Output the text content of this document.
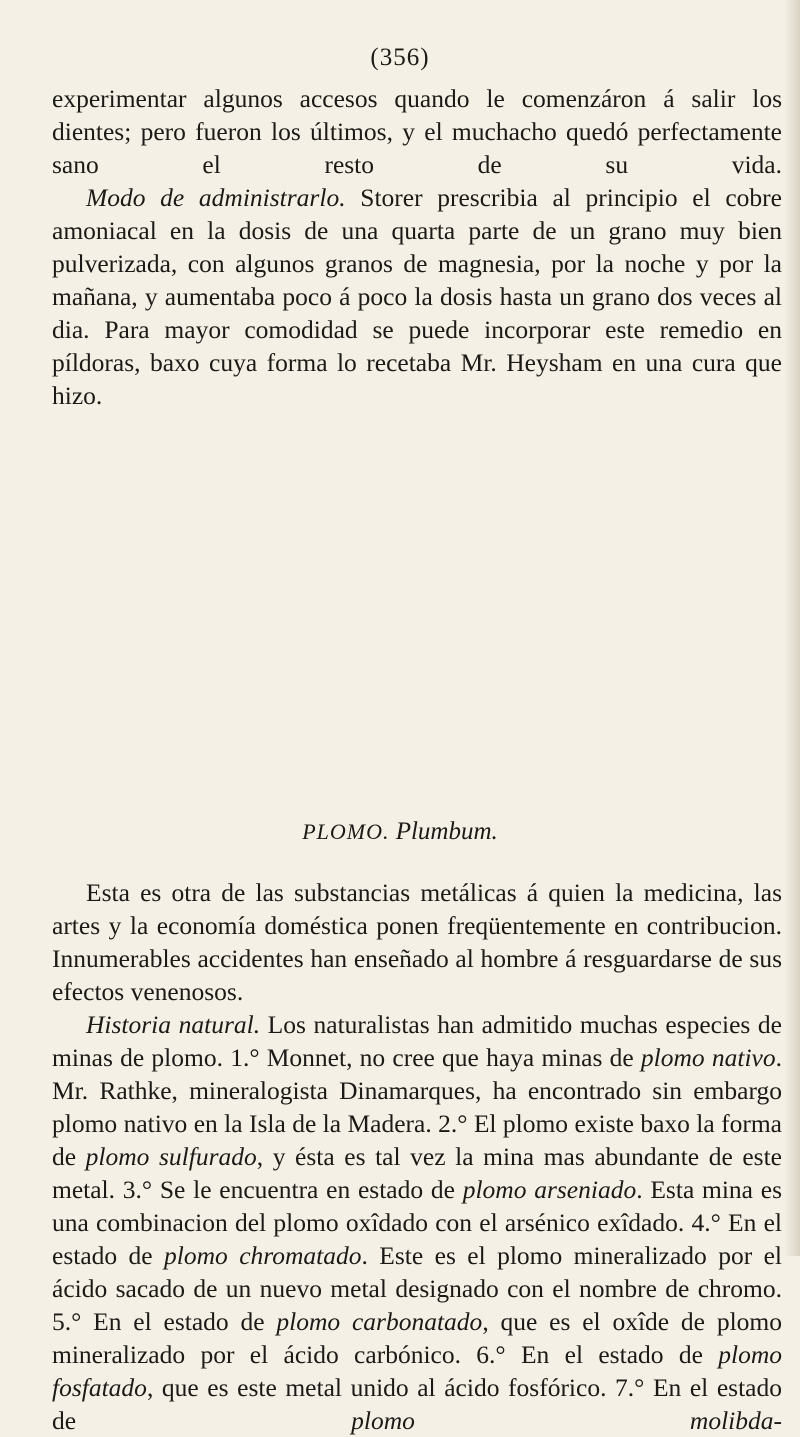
(356)

experimentar algunos accesos quando le comenzáron á salir los dientes; pero fueron los últimos, y el muchacho quedó perfectamente sano el resto de su vida.

Modo de administrarlo. Storer prescribia al principio el cobre amoniacal en la dosis de una quarta parte de un grano muy bien pulverizada, con algunos granos de magnesia, por la noche y por la mañana, y aumentaba poco á poco la dosis hasta un grano dos veces al dia. Para mayor comodidad se puede incorporar este remedio en píldoras, baxo cuya forma lo recetaba Mr. Heysham en una cura que hizo.

PLOMO. Plumbum.

Esta es otra de las substancias metálicas á quien la medicina, las artes y la economía doméstica ponen freqüentemente en contribucion. Innumerables accidentes han enseñado al hombre á resguardarse de sus efectos venenosos.

Historia natural. Los naturalistas han admitido muchas especies de minas de plomo. 1.° Monnet, no cree que haya minas de plomo nativo. Mr. Rathke, mineralogista Dinamarques, ha encontrado sin embargo plomo nativo en la Isla de la Madera. 2.° El plomo existe baxo la forma de plomo sulfurado, y ésta es tal vez la mina mas abundante de este metal. 3.° Se le encuentra en estado de plomo arseniado. Esta mina es una combinacion del plomo oxîdado con el arsénico exîdado. 4.° En el estado de plomo chromatado. Este es el plomo mineralizado por el ácido sacado de un nuevo metal designado con el nombre de chromo. 5.° En el estado de plomo carbonatado, que es el oxîde de plomo mineralizado por el ácido carbónico. 6.° En el estado de plomo fosfatado, que es este metal unido al ácido fosfórico. 7.° En el estado de plomo molibda-
